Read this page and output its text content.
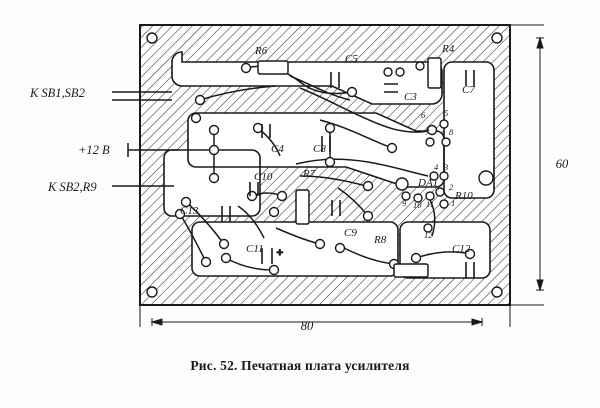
+
R6
C5
R4
C7
C3
C4	C8
C10	R7
DA1
R10
C13
C9
R8
C12
C11
6 5
7 8
4 3
2
1
9 10 11
12
К SB1,SB2
+12 В
К SB2,R9
80
60
Рис. 52. Печатная плата усилителя
